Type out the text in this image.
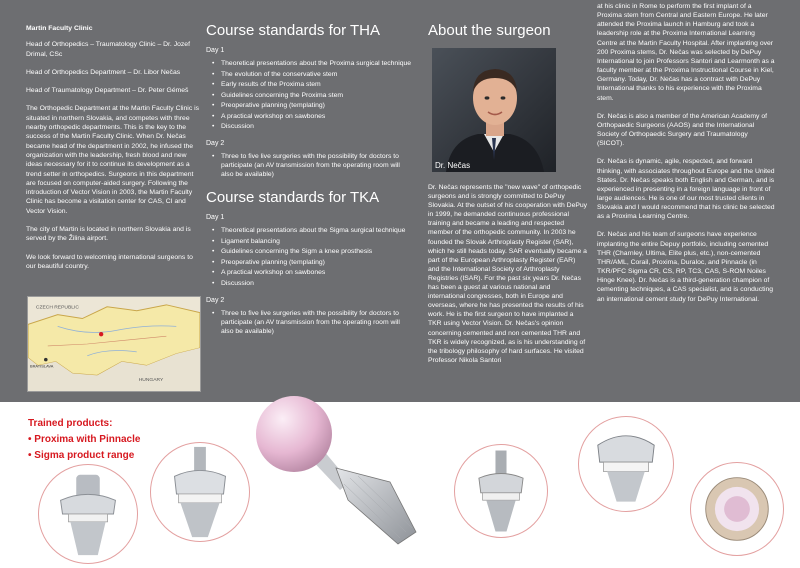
Martin Faculty Clinic

Head of Orthopedics – Traumatology Clinic – Dr. Jozef Drimal, CSc

Head of Orthopedics Department – Dr. Libor Nečas

Head of Traumatology Department – Dr. Peter Gémeš

The Orthopedic Department at the Martin Faculty Clinic is situated in northern Slovakia, and competes with three nearby orthopedic departments. This is the key to the success of the Martin Faculty Clinic. When Dr. Nečas became head of the department in 2002, he infused the organization with the leadership, fresh blood and new ideas necessary for it to continue its development as a trend setter in orthopedics. Surgeons in this department are focused on computer-aided surgery. Following the introduction of Vector Vision in 2003, the Martin Faculty Clinic has become a visitation center for CAS, CI and Vector Vision.

The city of Martin is located in northern Slovakia and is served by the Žilina airport.

We look forward to welcoming international surgeons to our beautiful country.

CZECH REPUBLIC
HUNGARY
BRATISLAVA
Course standards for THA
Day 1
• Theoretical presentations about the Proxima surgical technique
• The evolution of the conservative stem
• Early results of the Proxima stem
• Guidelines concerning the Proxima stem
• Preoperative planning (templating)
• A practical workshop on sawbones
• Discussion
Day 2
• Three to five live surgeries with the possibility for doctors to participate (an AV transmission from the operating room will also be available)
Course standards for TKA
Day 1
• Theoretical presentations about the Sigma surgical technique
• Ligament balancing
• Guidelines concerning the Sigm a knee prosthesis
• Preoperative planning (templating)
• A practical workshop on sawbones
• Discussion
Day 2
• Three to five live surgeries with the possibility for doctors to participate (an AV transmission from the operating room will also be available)
About the surgeon
Dr. Nečas
Dr. Nečas represents the "new wave" of orthopedic surgeons and is strongly committed to DePuy Slovakia. At the outset of his cooperation with DePuy in 1999, he demanded continuous professional training and became a leading and respected member of the orthopedic community. In 2003 he founded the Slovak Arthroplasty Register (SAR), which he still heads today. SAR eventually became a part of the European Arthroplasty Register (EAR) and the International Society of Arthroplasty Registries (ISAR). For the past six years Dr. Nečas has been a guest at various national and international congresses, both in Europe and overseas, where he has presented the results of his work. He is the first surgeon to have implanted a TKR using Vector Vision. Dr. Nečas's opinion concerning cemented and non cemented THR and TKR is widely recognized, as is his understanding of the tribology philosophy of hard surfaces. He visited Professor Nikola Santori

at his clinic in Rome to perform the first implant of a Proxima stem from Central and Eastern Europe. He later attended the Proxima launch in Hamburg and took a leadership role at the Proxima International Learning Centre at the Martin Faculty Hospital. After implanting over 200 Proxima stems, Dr. Nečas was selected by DePuy International to join Professors Santori and Learmonth as a faculty member at the Proxima Instructional Course in Kiel, Germany. Today, Dr. Nečas has a contract with DePuy International thanks to his experience with the Proxima stem.

Dr. Nečas is also a member of the American Academy of Orthopaedic Surgeons (AAOS) and the International Society of Orthopaedic Surgery and Traumatology (SICOT).

Dr. Nečas is dynamic, agile, respected, and forward thinking, with associates throughout Europe and the United States. Dr. Nečas speaks both English and German, and is experienced in presenting in a foreign language in front of large audiences. He is one of our most trusted clients in Slovakia and I would recommend that his clinic be selected as a Proxima Learning Centre.

Dr. Nečas and his team of surgeons have experience implanting the entire Depuy portfolio, including cemented THR (Charnley, Ultima, Elite plus, etc.), non-cemented THR/AML, Corail, Proxima, Duraloc, and Pinnacle (in TKR/PFC Sigma CR, CS, RP, TC3, CAS, S-ROM Noiles Hinge Knee). Dr. Nečas is a third-generation champion of cementing techniques, a CAS specialist, and is conducting an international cement study for DePuy International.

Trained products:
• Proxima with Pinnacle
• Sigma product range
